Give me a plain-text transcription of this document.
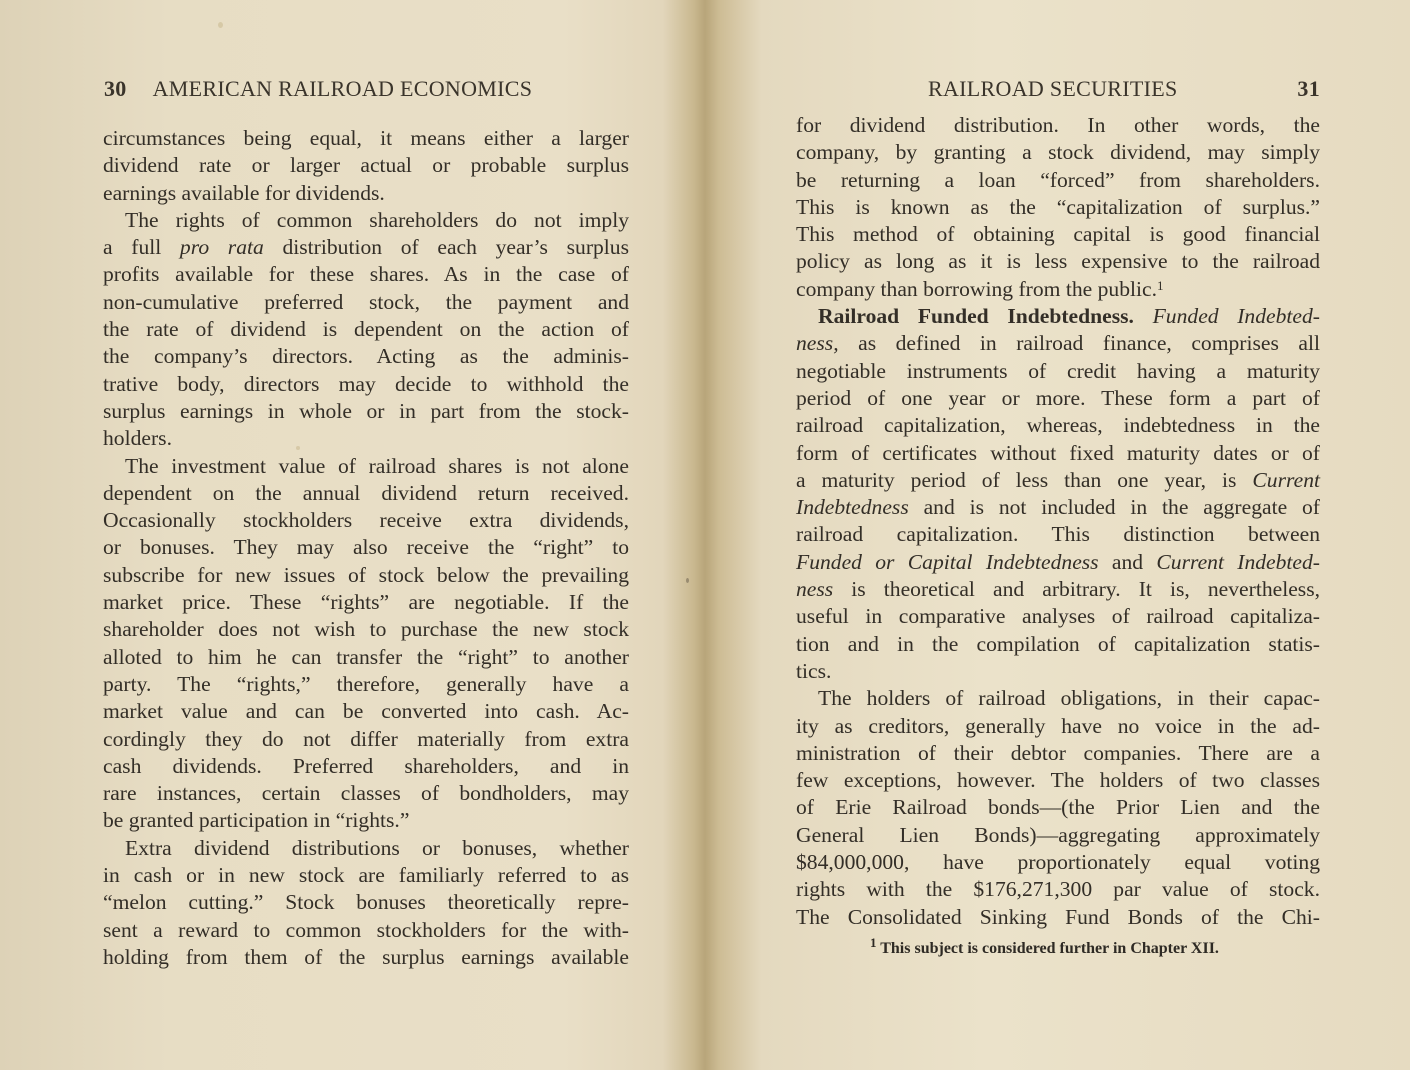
30 AMERICAN RAILROAD ECONOMICS
circumstances being equal, it means either a larger
dividend rate or larger actual or probable surplus
earnings available for dividends.
The rights of common shareholders do not imply
a full pro rata distribution of each year’s surplus
profits available for these shares. As in the case of
non-cumulative preferred stock, the payment and
the rate of dividend is dependent on the action of
the company’s directors. Acting as the adminis-
trative body, directors may decide to withhold the
surplus earnings in whole or in part from the stock-
holders.
The investment value of railroad shares is not alone
dependent on the annual dividend return received.
Occasionally stockholders receive extra dividends,
or bonuses. They may also receive the “right” to
subscribe for new issues of stock below the prevailing
market price. These “rights” are negotiable. If the
shareholder does not wish to purchase the new stock
alloted to him he can transfer the “right” to another
party. The “rights,” therefore, generally have a
market value and can be converted into cash. Ac-
cordingly they do not differ materially from extra
cash dividends. Preferred shareholders, and in
rare instances, certain classes of bondholders, may
be granted participation in “rights.”
Extra dividend distributions or bonuses, whether
in cash or in new stock are familiarly referred to as
“melon cutting.” Stock bonuses theoretically repre-
sent a reward to common stockholders for the with-
holding from them of the surplus earnings available
RAILROAD SECURITIES	31
for dividend distribution. In other words, the
company, by granting a stock dividend, may simply
be returning a loan “forced” from shareholders.
This is known as the “capitalization of surplus.”
This method of obtaining capital is good financial
policy as long as it is less expensive to the railroad
company than borrowing from the public.$^1$
Railroad Funded Indebtedness. Funded Indebted-
ness, as defined in railroad finance, comprises all
negotiable instruments of credit having a maturity
period of one year or more. These form a part of
railroad capitalization, whereas, indebtedness in the
form of certificates without fixed maturity dates or of
a maturity period of less than one year, is Current
Indebtedness and is not included in the aggregate of
railroad capitalization. This distinction between
Funded or Capital Indebtedness and Current Indebted-
ness is theoretical and arbitrary. It is, nevertheless,
useful in comparative analyses of railroad capitaliza-
tion and in the compilation of capitalization statis-
tics.
The holders of railroad obligations, in their capac-
ity as creditors, generally have no voice in the ad-
ministration of their debtor companies. There are a
few exceptions, however. The holders of two classes
of Erie Railroad bonds—(the Prior Lien and the
General Lien Bonds)—aggregating approximately
$84,000,000, have proportionately equal voting
rights with the $176,271,300 par value of stock.
The Consolidated Sinking Fund Bonds of the Chi-
$^1$ This subject is considered further in Chapter XII.
